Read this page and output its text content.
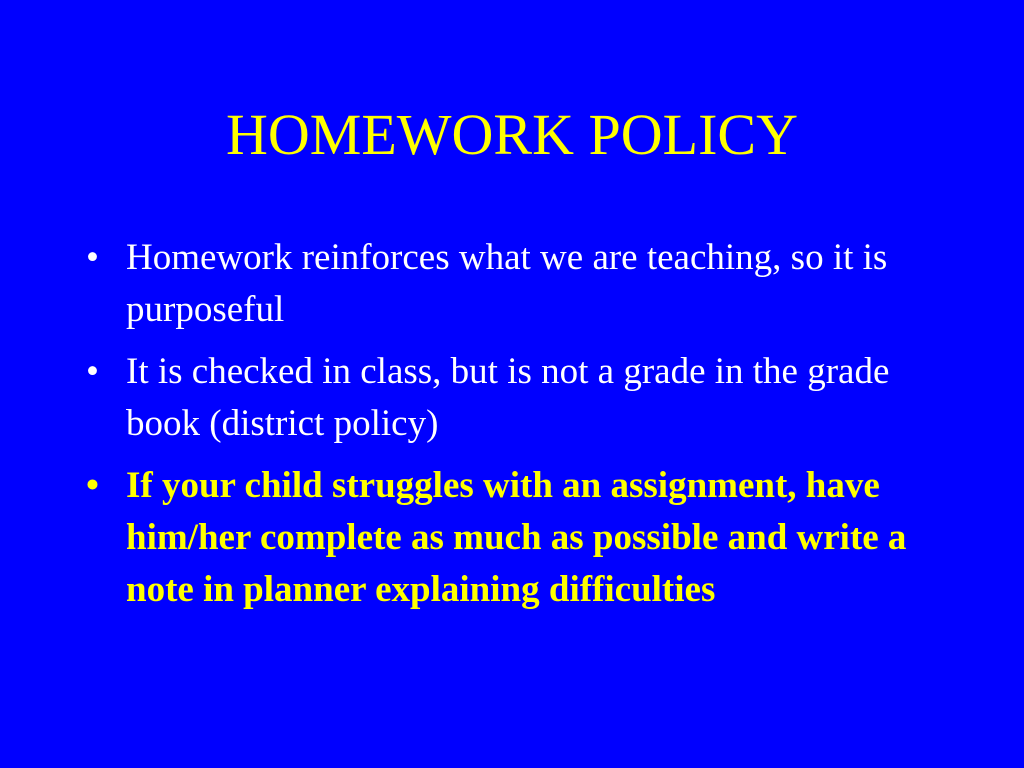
HOMEWORK POLICY
• Homework reinforces what we are teaching, so it is purposeful
• It is checked in class, but is not a grade in the grade book (district policy)
• If your child struggles with an assignment, have him/her complete as much as possible and write a note in planner explaining difficulties
